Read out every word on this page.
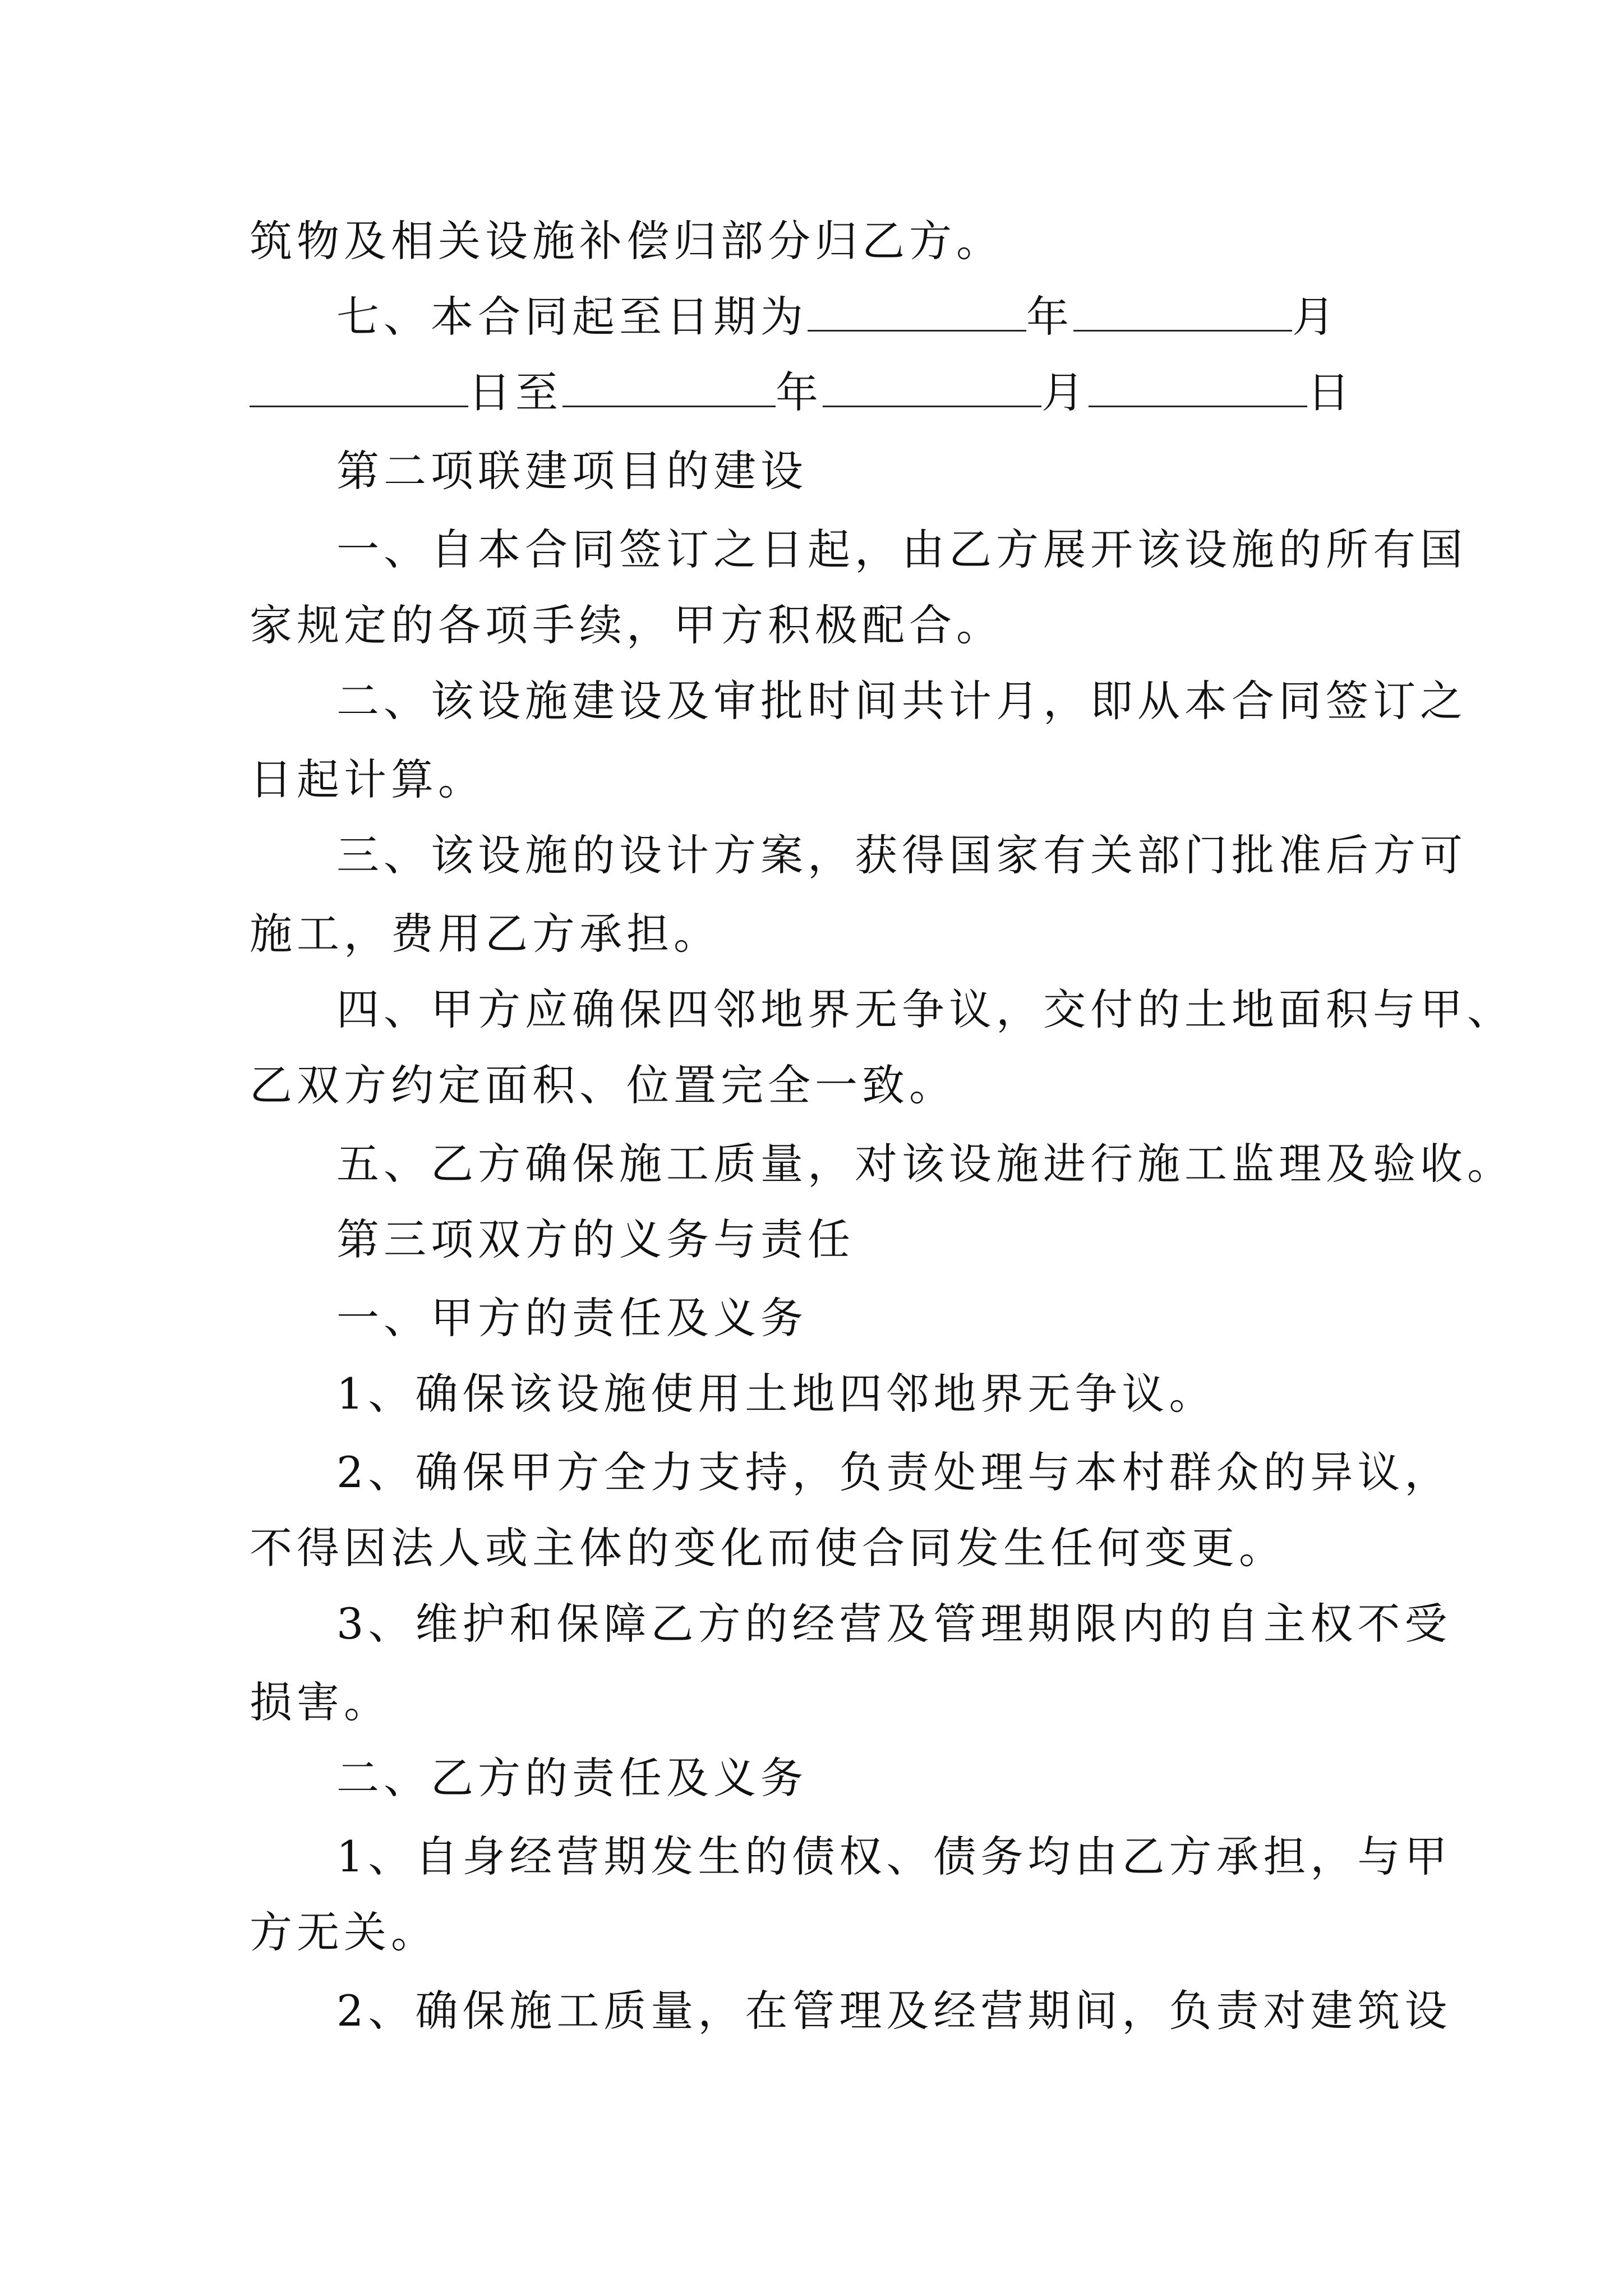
筑物及相关设施补偿归部分归乙方。
七、本合同起至日期为	年	月
日至	年	月	日
第二项联建项目的建设
一、自本合同签订之日起，由乙方展开该设施的所有国
家规定的各项手续，甲方积极配合。
二、该设施建设及审批时间共计月，即从本合同签订之
日起计算。
三、该设施的设计方案，获得国家有关部门批准后方可
施工，费用乙方承担。
四、甲方应确保四邻地界无争议，交付的土地面积与甲、
乙双方约定面积、位置完全一致。
五、乙方确保施工质量，对该设施进行施工监理及验收。
第三项双方的义务与责任
一、甲方的责任及义务
1、确保该设施使用土地四邻地界无争议。
2、确保甲方全力支持，负责处理与本村群众的异议，
不得因法人或主体的变化而使合同发生任何变更。
3、维护和保障乙方的经营及管理期限内的自主权不受
损害。
二、乙方的责任及义务
1、自身经营期发生的债权、债务均由乙方承担，与甲
方无关。
2、确保施工质量，在管理及经营期间，负责对建筑设
